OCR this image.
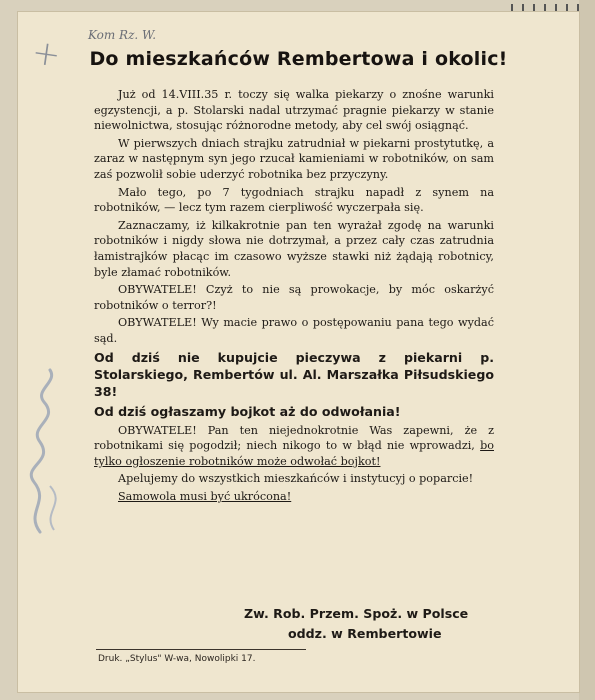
+ Kom Rz. W.
Do mieszkańców Rembertowa i okolic!

Już od 14.VIII.35 r. toczy się walka piekarzy o znośne warunki egzystencji, a p. Stolarski nadal utrzymać pragnie piekarzy w stanie niewolnictwa, stosując różnorodne metody, aby cel swój osiągnąć.

W pierwszych dniach strajku zatrudniał w piekarni prostytutkę, a zaraz w następnym syn jego rzucał kamieniami w robotników, on sam zaś pozwolił sobie uderzyć robotnika bez przyczyny.

Mało tego, po 7 tygodniach strajku napadł z synem na robotników, — lecz tym razem cierpliwość wyczerpała się.

Zaznaczamy, iż kilkakrotnie pan ten wyrażał zgodę na warunki robotników i nigdy słowa nie dotrzymał, a przez cały czas zatrudnia łamistrajków płacąc im czasowo wyższe stawki niż żądają robotnicy, byle złamać robotników.

OBYWATELE! Czyż to nie są prowokacje, by móc oskarżyć robotników o terror?!

OBYWATELE! Wy macie prawo o postępowaniu pana tego wydać sąd.

Od dziś nie kupujcie pieczywa z piekarni p. Stolarskiego, Rembertów ul. Al. Marszałka Piłsudskiego 38!

Od dziś ogłaszamy bojkot aż do odwołania!

OBYWATELE! Pan ten niejednokrotnie Was zapewni, że z robotnikami się pogodził; niech nikogo to w błąd nie wprowadzi, bo tylko ogłoszenie robotników może odwołać bojkot!

Apelujemy do wszystkich mieszkańców i instytucyj o poparcie!

Samowola musi być ukrócona!

Zw. Rob. Przem. Spoż. w Polsce
oddz. w Rembertowie
Druk. „Stylus" W-wa, Nowolipki 17.
